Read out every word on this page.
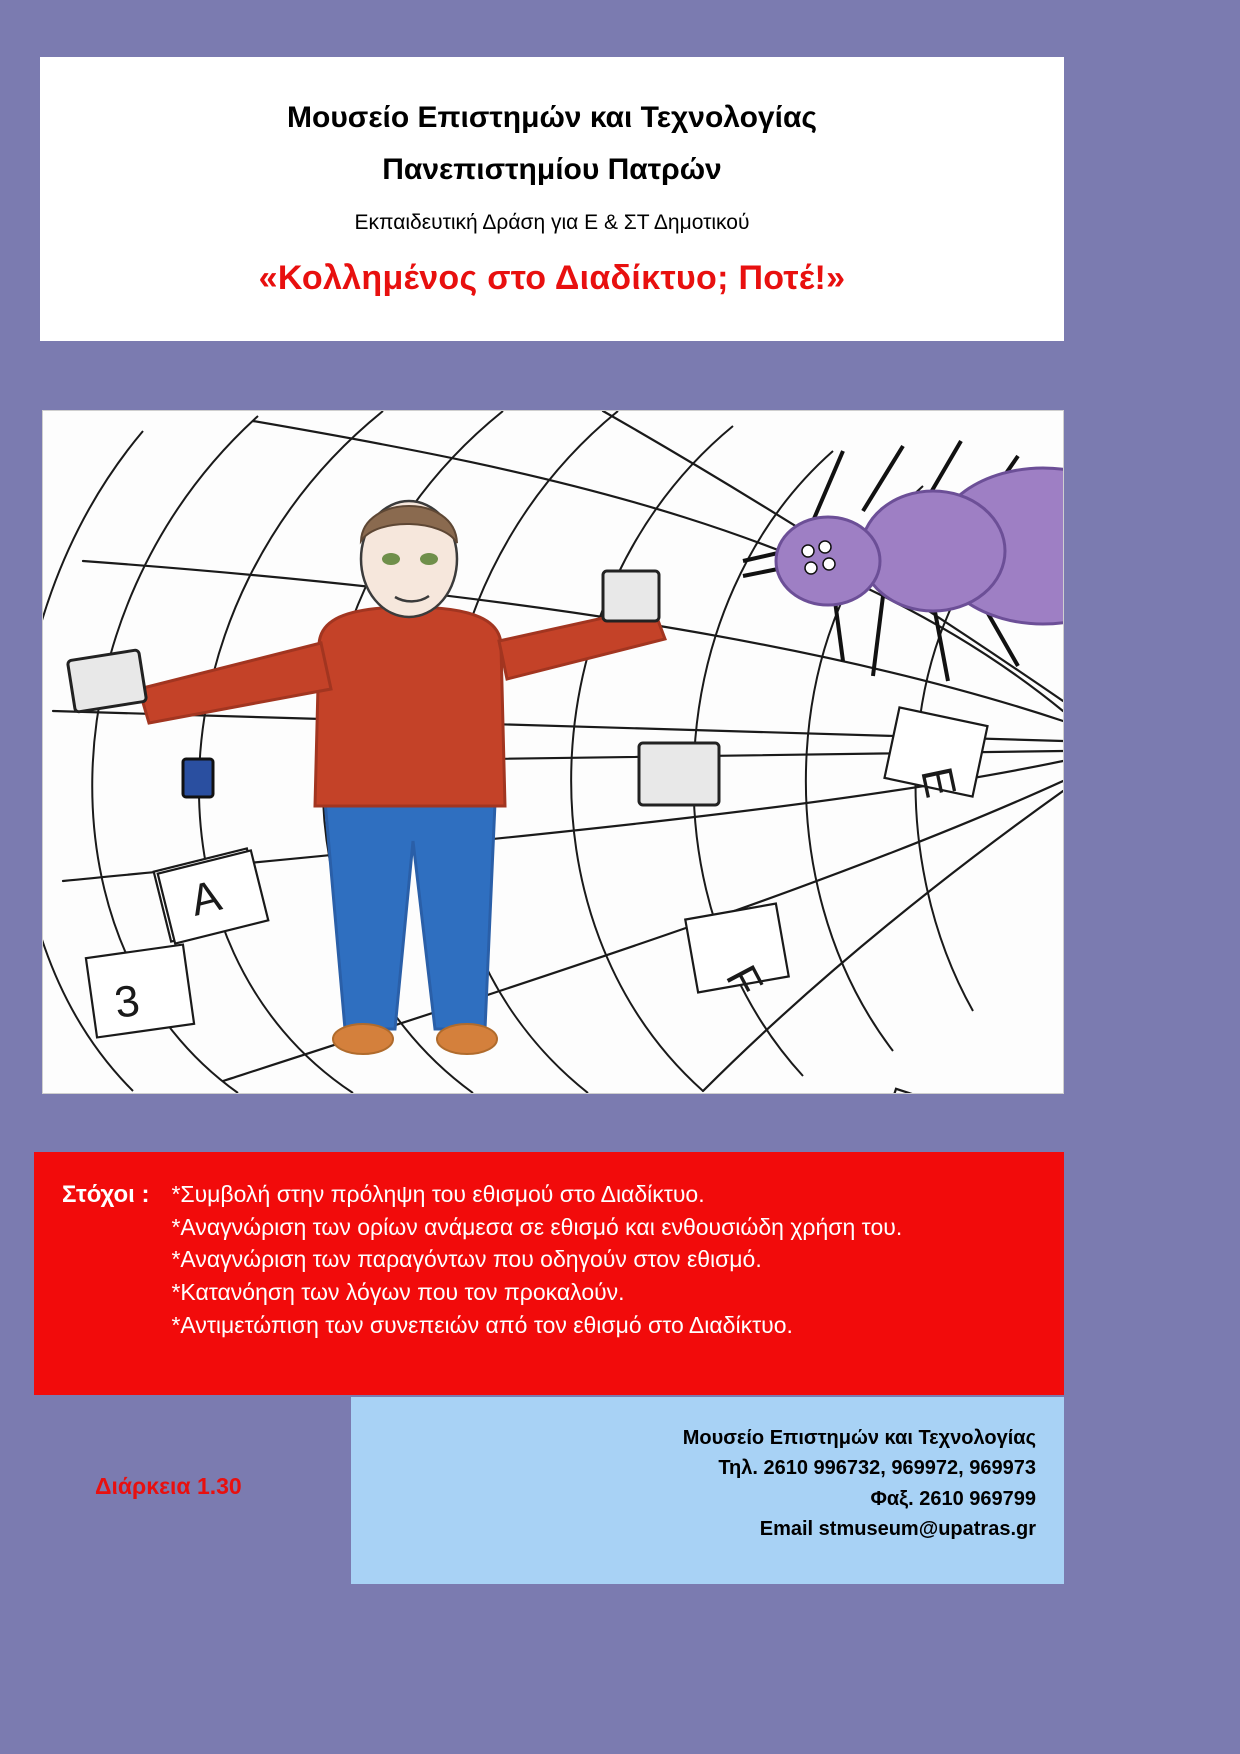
Μουσείο Επιστημών και Τεχνολογίας
Πανεπιστημίου Πατρών
Εκπαιδευτική Δράση για Ε & ΣΤ Δημοτικού
«Κολλημένος στο Διαδίκτυο; Ποτέ!»
A
E
F
3
Στόχοι : *Συμβολή στην πρόληψη του εθισμού στο Διαδίκτυο.
*Αναγνώριση των ορίων ανάμεσα σε εθισμό και ενθουσιώδη χρήση του.
*Αναγνώριση των παραγόντων που οδηγούν στον εθισμό.
*Κατανόηση των λόγων που τον προκαλούν.
*Αντιμετώπιση των συνεπειών από τον εθισμό στο Διαδίκτυο.
Διάρκεια 1.30
Μουσείο Επιστημών και Τεχνολογίας
Τηλ. 2610 996732, 969972, 969973
Φαξ. 2610 969799
Email stmuseum@upatras.gr
